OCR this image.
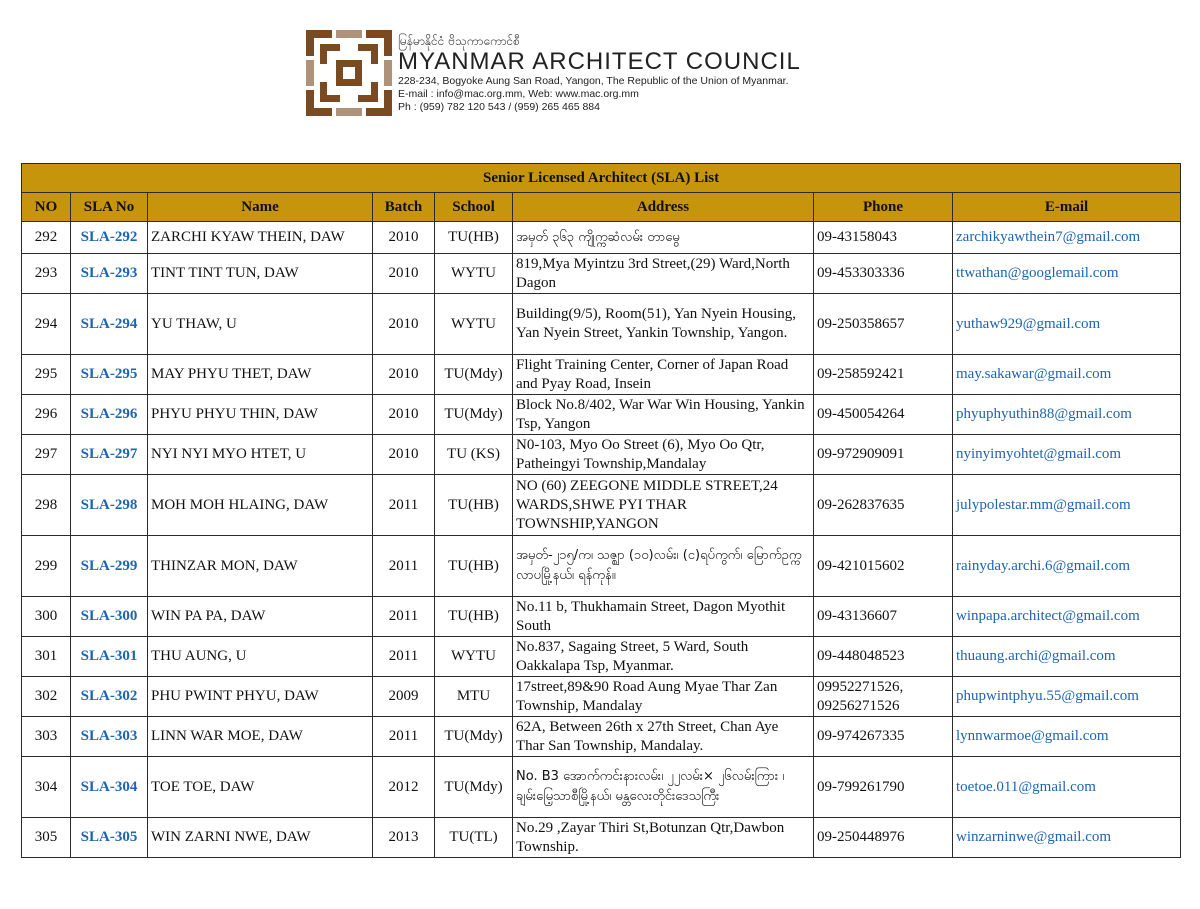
မြန်မာနိုင်ငံ ဗိသုကာကောင်စီ
MYANMAR ARCHITECT COUNCIL
228-234, Bogyoke Aung San Road, Yangon, The Republic of the Union of Myanmar.
E-mail : info@mac.org.mm, Web: www.mac.org.mm
Ph : (959) 782 120 543 / (959) 265 465 884
Senior Licensed Architect (SLA) List							
NO	SLA No	Name	Batch	School	Address	Phone	E-mail
292	SLA-292	ZARCHI KYAW THEIN, DAW	2010	TU(HB)	အမှတ် ၃၆၃ ကျိုက္ကဆံလမ်း တာမွေ	09-43158043	zarchikyawthein7@gmail.com
293	SLA-293	TINT TINT TUN, DAW	2010	WYTU	819,Mya Myintzu 3rd Street,(29) Ward,North Dagon	09-453303336	ttwathan@googlemail.com
294	SLA-294	YU THAW, U	2010	WYTU	Building(9/5), Room(51), Yan Nyein Housing, Yan Nyein Street, Yankin Township, Yangon.	09-250358657	yuthaw929@gmail.com
295	SLA-295	MAY PHYU THET, DAW	2010	TU(Mdy)	Flight Training Center, Corner of Japan Road and Pyay Road, Insein	09-258592421	may.sakawar@gmail.com
296	SLA-296	PHYU PHYU THIN, DAW	2010	TU(Mdy)	Block No.8/402, War War Win Housing, Yankin Tsp, Yangon	09-450054264	phyuphyuthin88@gmail.com
297	SLA-297	NYI NYI MYO HTET, U	2010	TU (KS)	N0-103, Myo Oo Street (6), Myo Oo Qtr, Patheingyi Township,Mandalay	09-972909091	nyinyimyohtet@gmail.com
298	SLA-298	MOH MOH HLAING, DAW	2011	TU(HB)	NO (60) ZEEGONE MIDDLE STREET,24 WARDS,SHWE PYI THAR TOWNSHIP,YANGON	09-262837635	julypolestar.mm@gmail.com
299	SLA-299	THINZAR MON, DAW	2011	TU(HB)	အမှတ်-၂၁၅/က၊ သဇ္ဈာ (၁၀)လမ်း၊ (င)ရပ်ကွက်၊ မြောက်ဥက္ကလာပမြို့နယ်၊ ရန်ကုန်။	09-421015602	rainyday.archi.6@gmail.com
300	SLA-300	WIN PA PA, DAW	2011	TU(HB)	No.11 b, Thukhamain Street, Dagon Myothit South	09-43136607	winpapa.architect@gmail.com
301	SLA-301	THU AUNG, U	2011	WYTU	No.837, Sagaing Street, 5 Ward, South Oakkalapa Tsp, Myanmar.	09-448048523	thuaung.archi@gmail.com
302	SLA-302	PHU PWINT PHYU, DAW	2009	MTU	17street,89&90 Road Aung Myae Thar Zan Township, Mandalay	09952271526, 09256271526	phupwintphyu.55@gmail.com
303	SLA-303	LINN WAR MOE, DAW	2011	TU(Mdy)	62A, Between 26th x 27th Street, Chan Aye Thar San Township, Mandalay.	09-974267335	lynnwarmoe@gmail.com
304	SLA-304	TOE TOE, DAW	2012	TU(Mdy)	No. B3 အောက်ကင်းနားလမ်း၊ ၂၂လမ်း× ၂၆လမ်းကြား ၊ချမ်းမြေ့သာစီမြို့နယ်၊ မန္တလေးတိုင်းဒေသကြီး	09-799261790	toetoe.011@gmail.com
305	SLA-305	WIN ZARNI NWE, DAW	2013	TU(TL)	No.29 ,Zayar Thiri St,Botunzan Qtr,Dawbon Township.	09-250448976	winzarninwe@gmail.com
